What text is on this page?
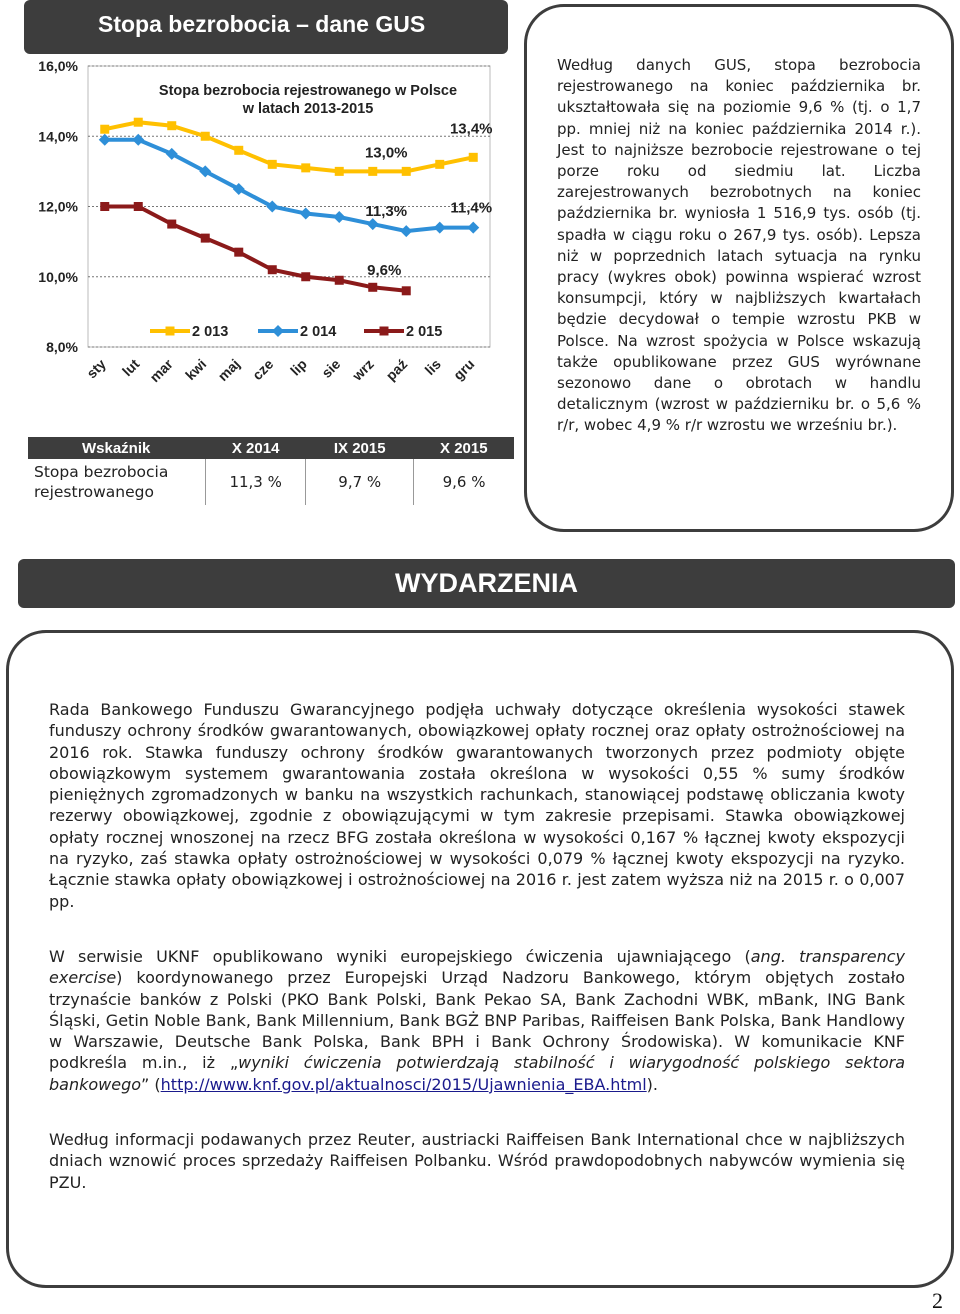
Stopa bezrobocia – dane GUS
8,0%
10,0%
12,0%
14,0%
16,0%
sty lut mar kwi maj cze lip sie wrz paź lis gru
Stopa bezrobocia rejestrowanego w Polsce
w latach 2013-2015
13,4%
13,0%
11,3%	11,4%
9,6%
2 013	2 014	2 015
Wskaźnik	X 2014	IX 2015	X 2015
Stopa bezrobocia rejestrowanego	11,3 %	9,7 %	9,6 %
Według danych GUS, stopa bezrobocia rejestrowanego na koniec października br. ukształtowała się na poziomie 9,6 % (tj. o 1,7 pp. mniej niż na koniec października 2014 r.). Jest to najniższe bezrobocie rejestrowane o tej porze roku od siedmiu lat. Liczba zarejestrowanych bezrobotnych na koniec października br. wyniosła 1 516,9 tys. osób (tj. spadła w ciągu roku o 267,9 tys. osób). Lepsza niż w poprzednich latach sytuacja na rynku pracy (wykres obok) powinna wspierać wzrost konsumpcji, który w najbliższych kwartałach będzie decydował o tempie wzrostu PKB w Polsce. Na wzrost spożycia w Polsce wskazują także opublikowane przez GUS wyrównane sezonowo dane o obrotach w handlu detalicznym (wzrost w październiku br. o 5,6 % r/r, wobec 4,9 % r/r wzrostu we wrześniu br.).
WYDARZENIA

Rada Bankowego Funduszu Gwarancyjnego podjęła uchwały dotyczące określenia wysokości stawek funduszy ochrony środków gwarantowanych, obowiązkowej opłaty rocznej oraz opłaty ostrożnościowej na 2016 rok. Stawka funduszy ochrony środków gwarantowanych tworzonych przez podmioty objęte obowiązkowym systemem gwarantowania została określona w wysokości 0,55 % sumy środków pieniężnych zgromadzonych w banku na wszystkich rachunkach, stanowiącej podstawę obliczania kwoty rezerwy obowiązkowej, zgodnie z obowiązującymi w tym zakresie przepisami. Stawka obowiązkowej opłaty rocznej wnoszonej na rzecz BFG została określona w wysokości 0,167 % łącznej kwoty ekspozycji na ryzyko, zaś stawka opłaty ostrożnościowej w wysokości 0,079 % łącznej kwoty ekspozycji na ryzyko. Łącznie stawka opłaty obowiązkowej i ostrożnościowej na 2016 r. jest zatem wyższa niż na 2015 r. o 0,007 pp.

W serwisie UKNF opublikowano wyniki europejskiego ćwiczenia ujawniającego (ang. transparency exercise) koordynowanego przez Europejski Urząd Nadzoru Bankowego, którym objętych zostało trzynaście banków z Polski (PKO Bank Polski, Bank Pekao SA, Bank Zachodni WBK, mBank, ING Bank Śląski, Getin Noble Bank, Bank Millennium, Bank BGŻ BNP Paribas, Raiffeisen Bank Polska, Bank Handlowy w Warszawie, Deutsche Bank Polska, Bank BPH i Bank Ochrony Środowiska). W komunikacie KNF podkreśla m.in., iż „wyniki ćwiczenia potwierdzają stabilność i wiarygodność polskiego sektora bankowego” (http://www.knf.gov.pl/aktualnosci/2015/Ujawnienia_EBA.html).

Według informacji podawanych przez Reuter, austriacki Raiffeisen Bank International chce w najbliższych dniach wznowić proces sprzedaży Raiffeisen Polbanku. Wśród prawdopodobnych nabywców wymienia się PZU.

2
